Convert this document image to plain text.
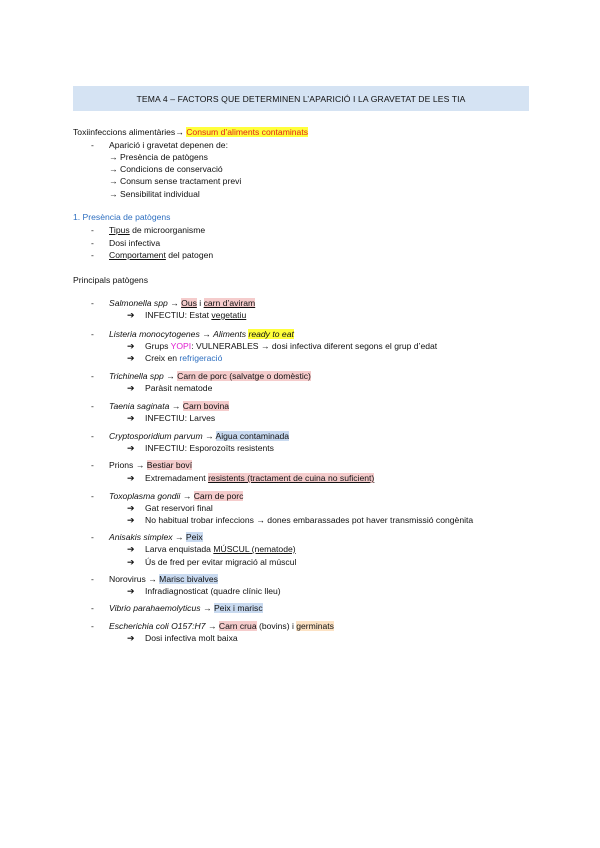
TEMA 4 – FACTORS QUE DETERMINEN L’APARICIÓ I LA GRAVETAT DE LES TIA
Toxiinfeccions alimentàries→ Consum d’aliments contaminats
- Aparició i gravetat depenen de:
→ Presència de patògens
→ Condicions de conservació
→ Consum sense tractament previ
→ Sensibilitat individual
1. Presència de patògens
- Tipus de microorganisme
- Dosi infectiva
- Comportament del patogen
Principals patògens
- Salmonella spp → Ous i carn d’aviram
➔ INFECTIU: Estat vegetatiu
- Listeria monocytogenes → Aliments ready to eat
➔ Grups YOPI: VULNERABLES → dosi infectiva diferent segons el grup d’edat
➔ Creix en refrigeració
- Trichinella spp → Carn de porc (salvatge o domèstic)
➔ Paràsit nematode
- Taenia saginata → Carn bovina
➔ INFECTIU: Larves
- Cryptosporidium parvum → Aigua contaminada
➔ INFECTIU: Esporozoïts resistents
- Prions → Bestiar boví
➔ Extremadament resistents (tractament de cuina no suficient)
- Toxoplasma gondii → Carn de porc
➔ Gat reservori final
➔ No habitual trobar infeccions → dones embarassades pot haver transmissió congènita
- Anisakis simplex → Peix
➔ Larva enquistada MÚSCUL (nematode)
➔ Ús de fred per evitar migració al múscul
- Norovirus → Marisc bivalves
➔ Infradiagnosticat (quadre clínic lleu)
- Vibrio parahaemolyticus → Peix i marisc
- Escherichia coli O157:H7 → Carn crua (bovins) i germinats
➔ Dosi infectiva molt baixa
